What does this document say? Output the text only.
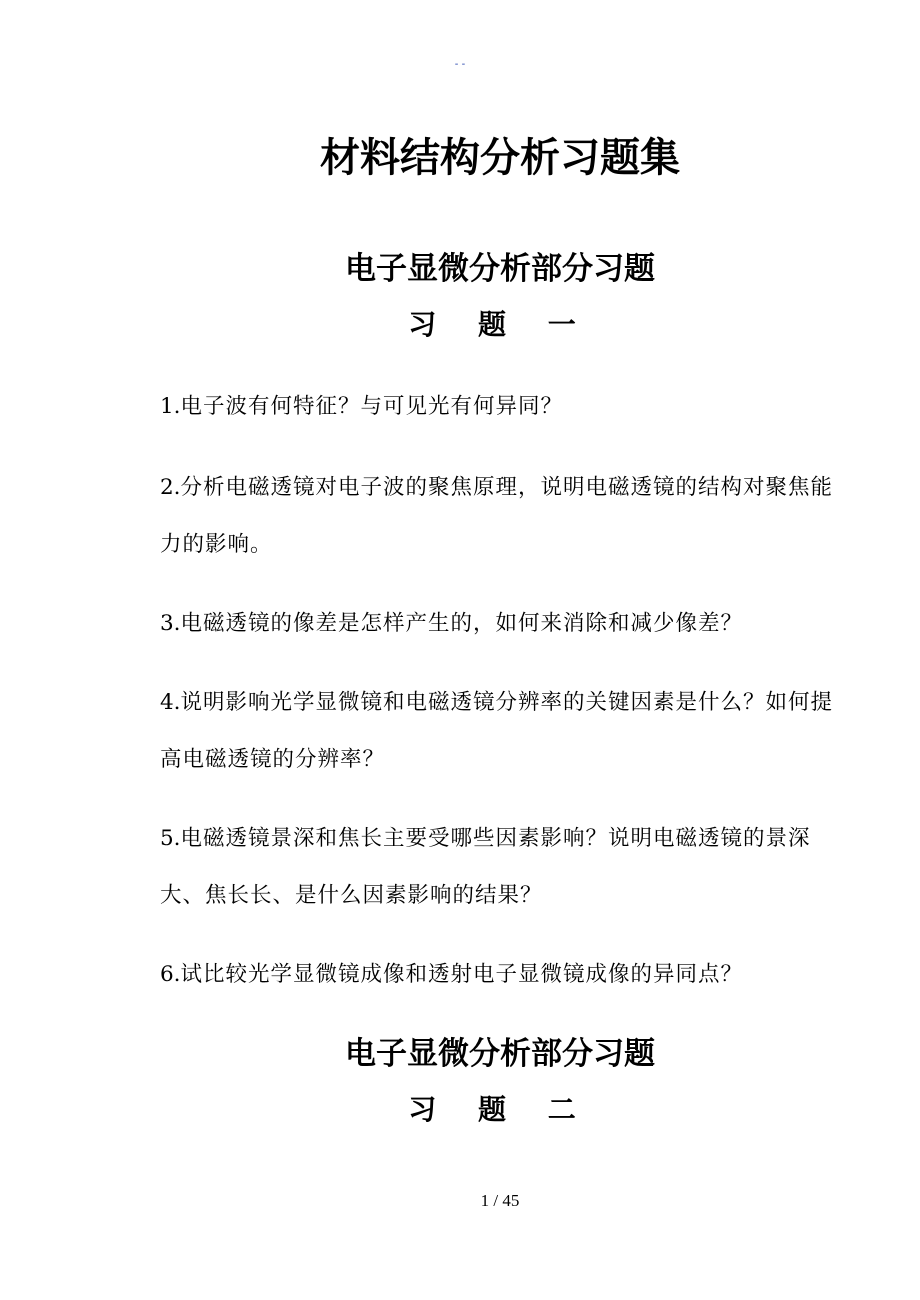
- -
材料结构分析习题集
电子显微分析部分习题
习 题 一

1.电子波有何特征？与可见光有何异同？

2.分析电磁透镜对电子波的聚焦原理，说明电磁透镜的结构对聚焦能力的影响。

3.电磁透镜的像差是怎样产生的，如何来消除和减少像差？

4.说明影响光学显微镜和电磁透镜分辨率的关键因素是什么？如何提高电磁透镜的分辨率？

5.电磁透镜景深和焦长主要受哪些因素影响？说明电磁透镜的景深大、焦长长、是什么因素影响的结果？

6.试比较光学显微镜成像和透射电子显微镜成像的异同点？

电子显微分析部分习题
习 题 二
1 / 45
